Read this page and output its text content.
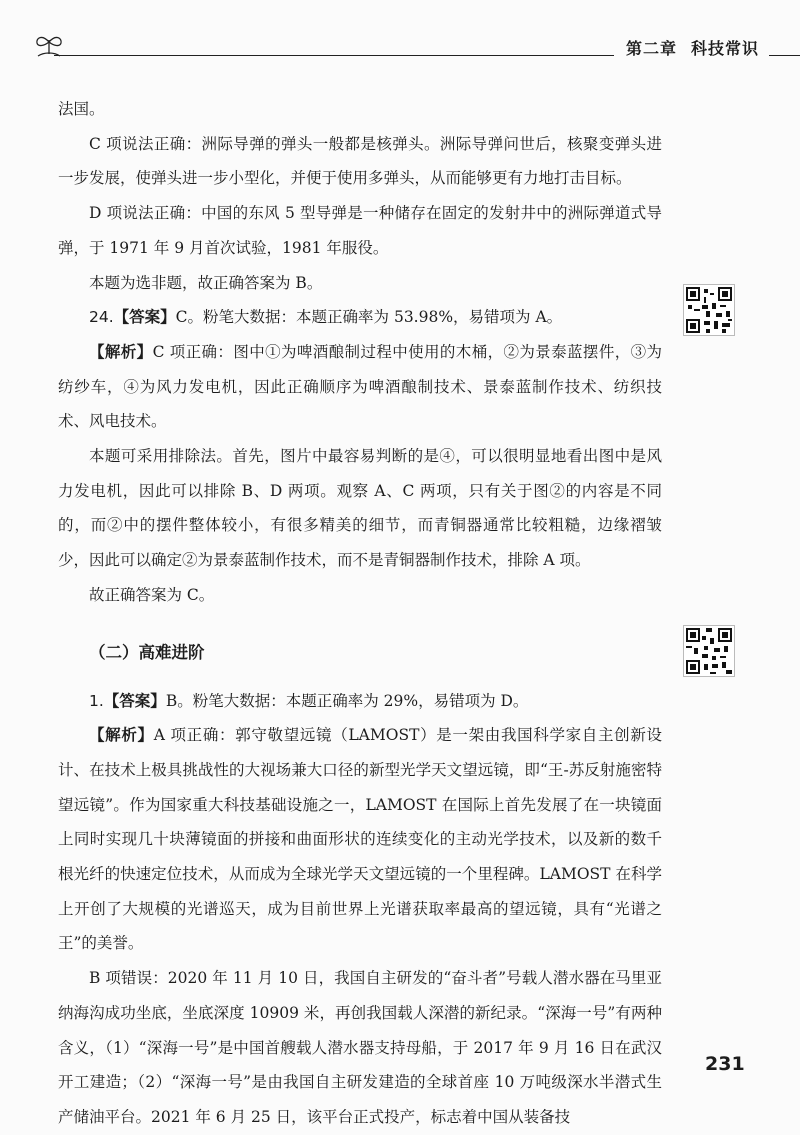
第二章 科技常识

法国。

C 项说法正确：洲际导弹的弹头一般都是核弹头。洲际导弹问世后，核聚变弹头进一步发展，使弹头进一步小型化，并便于使用多弹头，从而能够更有力地打击目标。

D 项说法正确：中国的东风 5 型导弹是一种储存在固定的发射井中的洲际弹道式导弹，于 1971 年 9 月首次试验，1981 年服役。

本题为选非题，故正确答案为 B。

24.【答案】C。粉笔大数据：本题正确率为 53.98%，易错项为 A。

【解析】C 项正确：图中①为啤酒酿制过程中使用的木桶，②为景泰蓝摆件，③为纺纱车，④为风力发电机，因此正确顺序为啤酒酿制技术、景泰蓝制作技术、纺织技术、风电技术。

本题可采用排除法。首先，图片中最容易判断的是④，可以很明显地看出图中是风力发电机，因此可以排除 B、D 两项。观察 A、C 两项，只有关于图②的内容是不同的，而②中的摆件整体较小，有很多精美的细节，而青铜器通常比较粗糙，边缘褶皱少，因此可以确定②为景泰蓝制作技术，而不是青铜器制作技术，排除 A 项。

故正确答案为 C。

（二）高难进阶

1.【答案】B。粉笔大数据：本题正确率为 29%，易错项为 D。

【解析】A 项正确：郭守敬望远镜（LAMOST）是一架由我国科学家自主创新设计、在技术上极具挑战性的大视场兼大口径的新型光学天文望远镜，即“王-苏反射施密特望远镜”。作为国家重大科技基础设施之一，LAMOST 在国际上首先发展了在一块镜面上同时实现几十块薄镜面的拼接和曲面形状的连续变化的主动光学技术，以及新的数千根光纤的快速定位技术，从而成为全球光学天文望远镜的一个里程碑。LAMOST 在科学上开创了大规模的光谱巡天，成为目前世界上光谱获取率最高的望远镜，具有“光谱之王”的美誉。

B 项错误：2020 年 11 月 10 日，我国自主研发的“奋斗者”号载人潜水器在马里亚纳海沟成功坐底，坐底深度 10909 米，再创我国载人深潜的新纪录。“深海一号”有两种含义，（1）“深海一号”是中国首艘载人潜水器支持母船，于 2017 年 9 月 16 日在武汉开工建造；（2）“深海一号”是由我国自主研发建造的全球首座 10 万吨级深水半潜式生产储油平台。2021 年 6 月 25 日，该平台正式投产，标志着中国从装备技

231
